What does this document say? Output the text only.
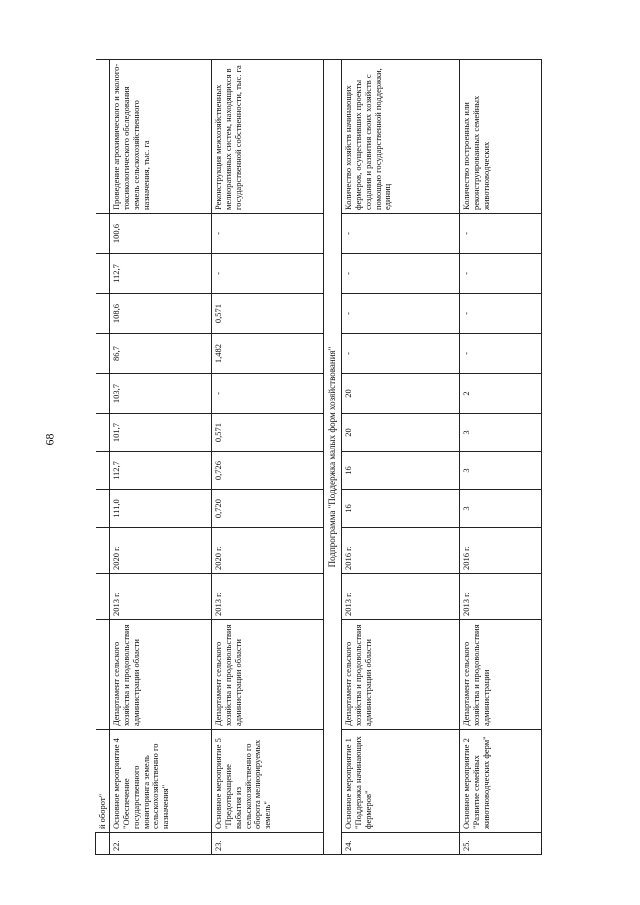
68
	й оборот"												
22.	Основное мероприятие 4 "Обеспечение государственного мониторинга земель сельскохозяйственно го назначения"	Департамент сельского хозяйства и продовольствия администрации области	2013 г.	2020 г.	111,0	112,7	101,7	103,7	86,7	108,6	112,7	100,6	Проведение агрохимического и эколого-токсикологического обследования земель сельскохозяйственного назначения, тыс. га
23.	Основное мероприятие 5 "Предотвращение выбытия из сельскохозяйственно го оборота мелиорируемых земель"	Департамент сельского хозяйства и продовольствия администрации области	2013 г.	2020 г.	0,720	0,726	0,571	-	1,482	0,571	-	-	Реконструкция межхозяйственных мелиоративных систем, находящихся в государственной собственности, тыс. га
Подпрограмма "Поддержка малых форм хозяйствования"													
24.	Основное мероприятие 1 "Поддержка начинающих фермеров"	Департамент сельского хозяйства и продовольствия администрации области	2013 г.	2016 г.	16	16	20	20	-	-	-	-	Количество хозяйств начинающих фермеров, осуществивших проекты создания и развития своих хозяйств с помощью государственной поддержки, единиц
25.	Основное мероприятие 2 "Развитие семейных животноводческих ферм"	Департамент сельского хозяйства и продовольствия администрации	2013 г.	2016 г.	3	3	3	2	-	-	-	-	Количество построенных или реконструированных семейных животноводческих
